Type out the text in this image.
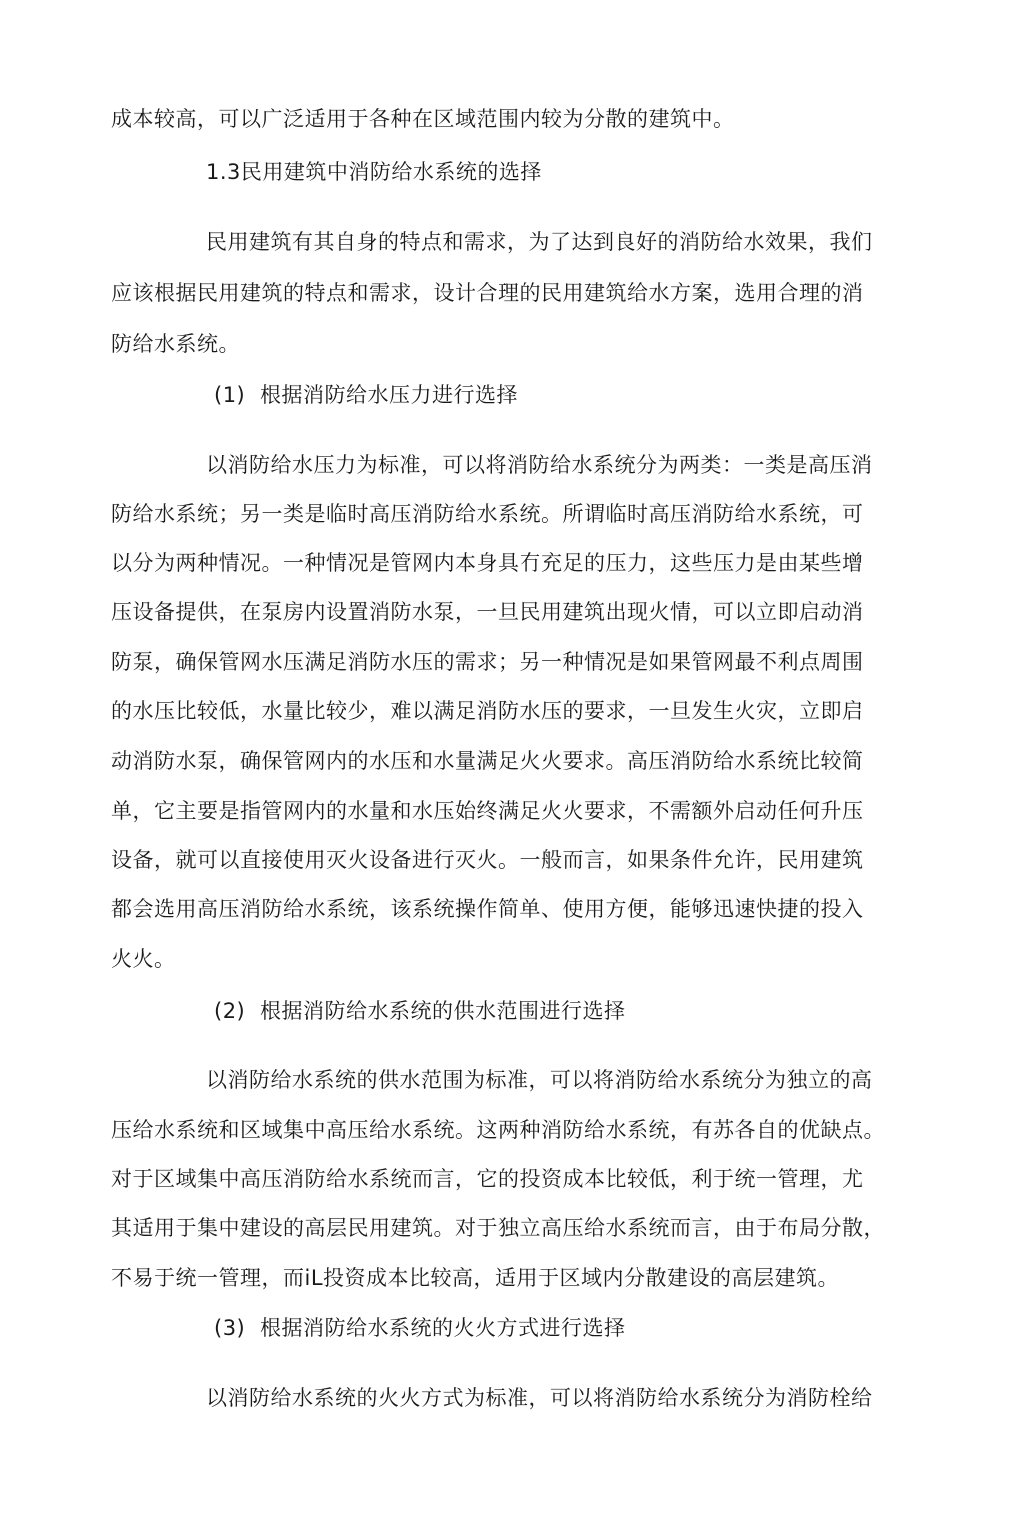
成本较高，可以广泛适用于各种在区域范围内较为分散的建筑中。
1.3民用建筑中消防给水系统的选择
民用建筑有其自身的特点和需求，为了达到良好的消防给水效果，我们
应该根据民用建筑的特点和需求，设计合理的民用建筑给水方案，选用合理的消
防给水系统。
(1) 根据消防给水压力进行选择
以消防给水压力为标准，可以将消防给水系统分为两类：一类是高压消
防给水系统；另一类是临时高压消防给水系统。所谓临时高压消防给水系统，可
以分为两种情况。一种情况是管网内本身具冇充足的压力，这些压力是由某些增
压设备提供，在泵房内设置消防水泵，一旦民用建筑出现火情，可以立即启动消
防泵，确保管网水压满足消防水压的需求；另一种情况是如果管网最不利点周围
的水压比较低，水量比较少，难以满足消防水压的要求，一旦发生火灾，立即启
动消防水泵，确保管网内的水压和水量满足火火要求。高压消防给水系统比较简
单，它主要是指管网内的水量和水压始终满足火火要求，不需额外启动任何升压
设备，就可以直接使用灭火设备进行灭火。一般而言，如果条件允许，民用建筑
都会选用高压消防给水系统，该系统操作简单、使用方便，能够迅速快捷的投入
火火。
(2) 根据消防给水系统的供水范围进行选择
以消防给水系统的供水范围为标准，可以将消防给水系统分为独立的高
压给水系统和区域集中高压给水系统。这两种消防给水系统，有苏各自的优缺点。
对于区域集中高压消防给水系统而言，它的投资成本比较低，利于统一管理，尤
其适用于集中建设的高层民用建筑。对于独立高压给水系统而言，由于布局分散，
不易于统一管理，而iL投资成本比较高，适用于区域内分散建设的高层建筑。
(3) 根据消防给水系统的火火方式进行选择
以消防给水系统的火火方式为标准，可以将消防给水系统分为消防栓给
